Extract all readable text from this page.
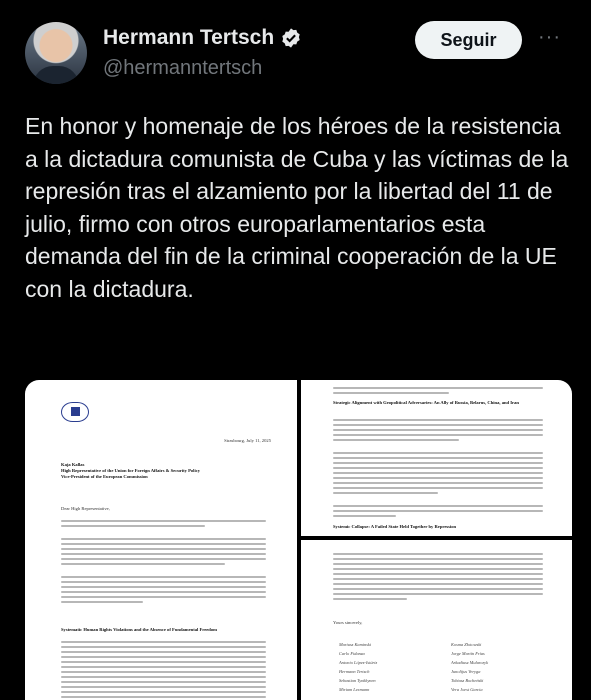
Hermann Tertsch
@hermanntertsch
Seguir	···
En honor y homenaje de los héroes de la resistencia a la dictadura comunista de Cuba y las víctimas de la represión tras el alzamiento por la libertad del 11 de julio, firmo con otros europarlamentarios esta demanda del fin de la criminal cooperación de la UE con la dictadura.
Strasbourg, July 11, 2025
Kaja Kallas
High Representative of the Union for Foreign Affairs & Security Policy
Vice-President of the European Commission
Dear High Representative,
Systematic Human Rights Violations and the Absence of Fundamental Freedom
Strategic Alignment with Geopolitical Adversaries: An Ally of Russia, Belarus, China, and Iran
Systemic Collapse: A Failed State Held Together by Repression
Yours sincerely,
Mariusz Kaminski
Carlo Fidanza
Antonio López-Istúriz
Hermann Tertsch
Sebastian Tynkkynen
Miriam Lexmann
Kosma Złotowski
Jorge Martín Frías
Arkadiusz Mularczyk
Junolijus Veryga
Tobiasz Bocheński
Vera Joest Garcia
